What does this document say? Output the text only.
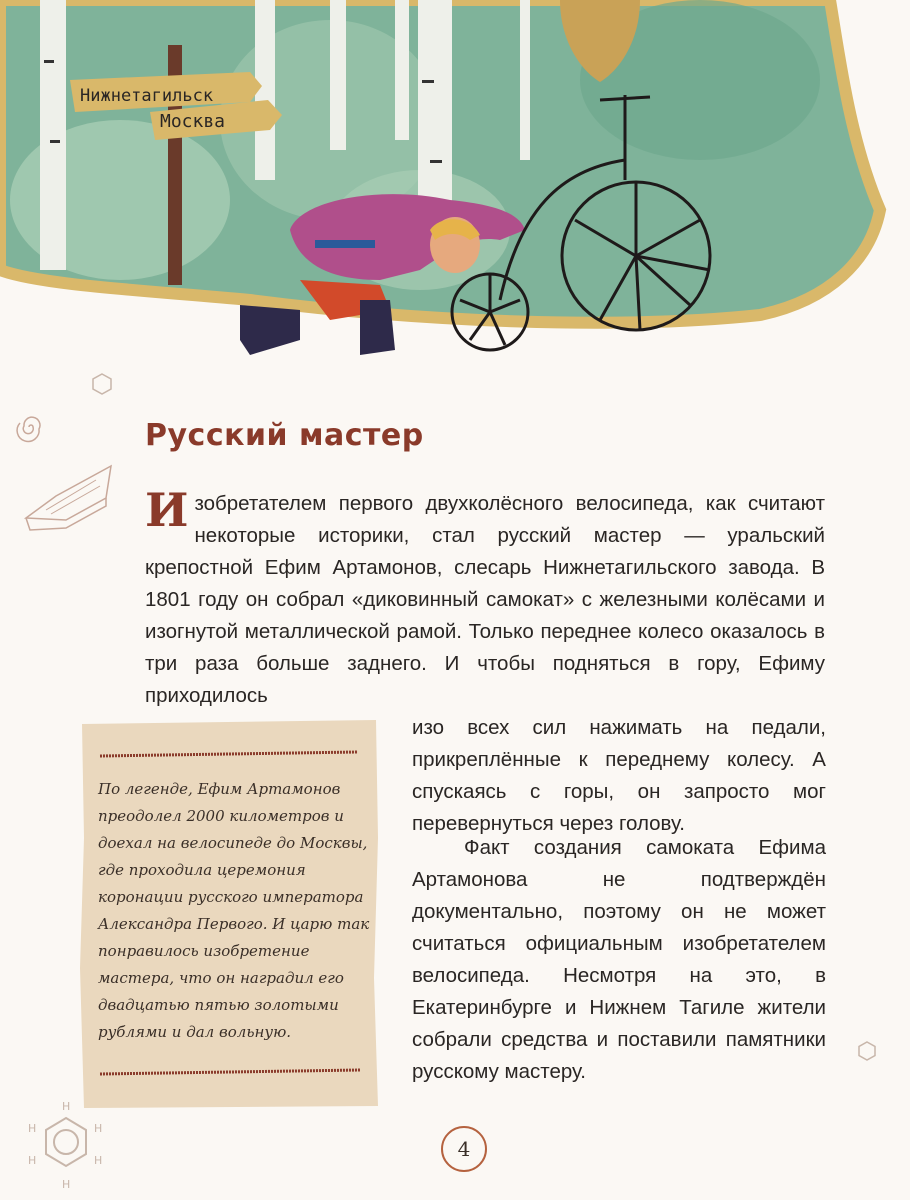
Нижнетагильск
Москва
H
H	H
H	H
H
Русский мастер

Изобретателем первого двухколёсного велосипеда, как считают некоторые историки, стал русский мастер — уральский крепостной Ефим Артамонов, слесарь Нижнетагильского завода. В 1801 году он собрал «диковинный самокат» с железными колёсами и изогнутой металлической рамой. Только переднее колесо оказалось в три раза больше заднего. И чтобы подняться в гору, Ефиму приходилось

изо всех сил нажимать на педали, прикреплённые к переднему колесу. А спускаясь с горы, он запросто мог перевернуться через голову.

Факт создания самоката Ефима Артамонова не подтверждён документально, поэтому он не может считаться официальным изобретателем велосипеда. Несмотря на это, в Екатеринбурге и Нижнем Тагиле жители собрали средства и поставили памятники русскому мастеру.

По легенде, Ефим Артамонов преодолел 2000 километров и доехал на велосипеде до Москвы, где проходила церемония коронации русского императора Александра Первого. И царю так понравилось изобретение мастера, что он наградил его двадцатью пятью золотыми рублями и дал вольную.

4
